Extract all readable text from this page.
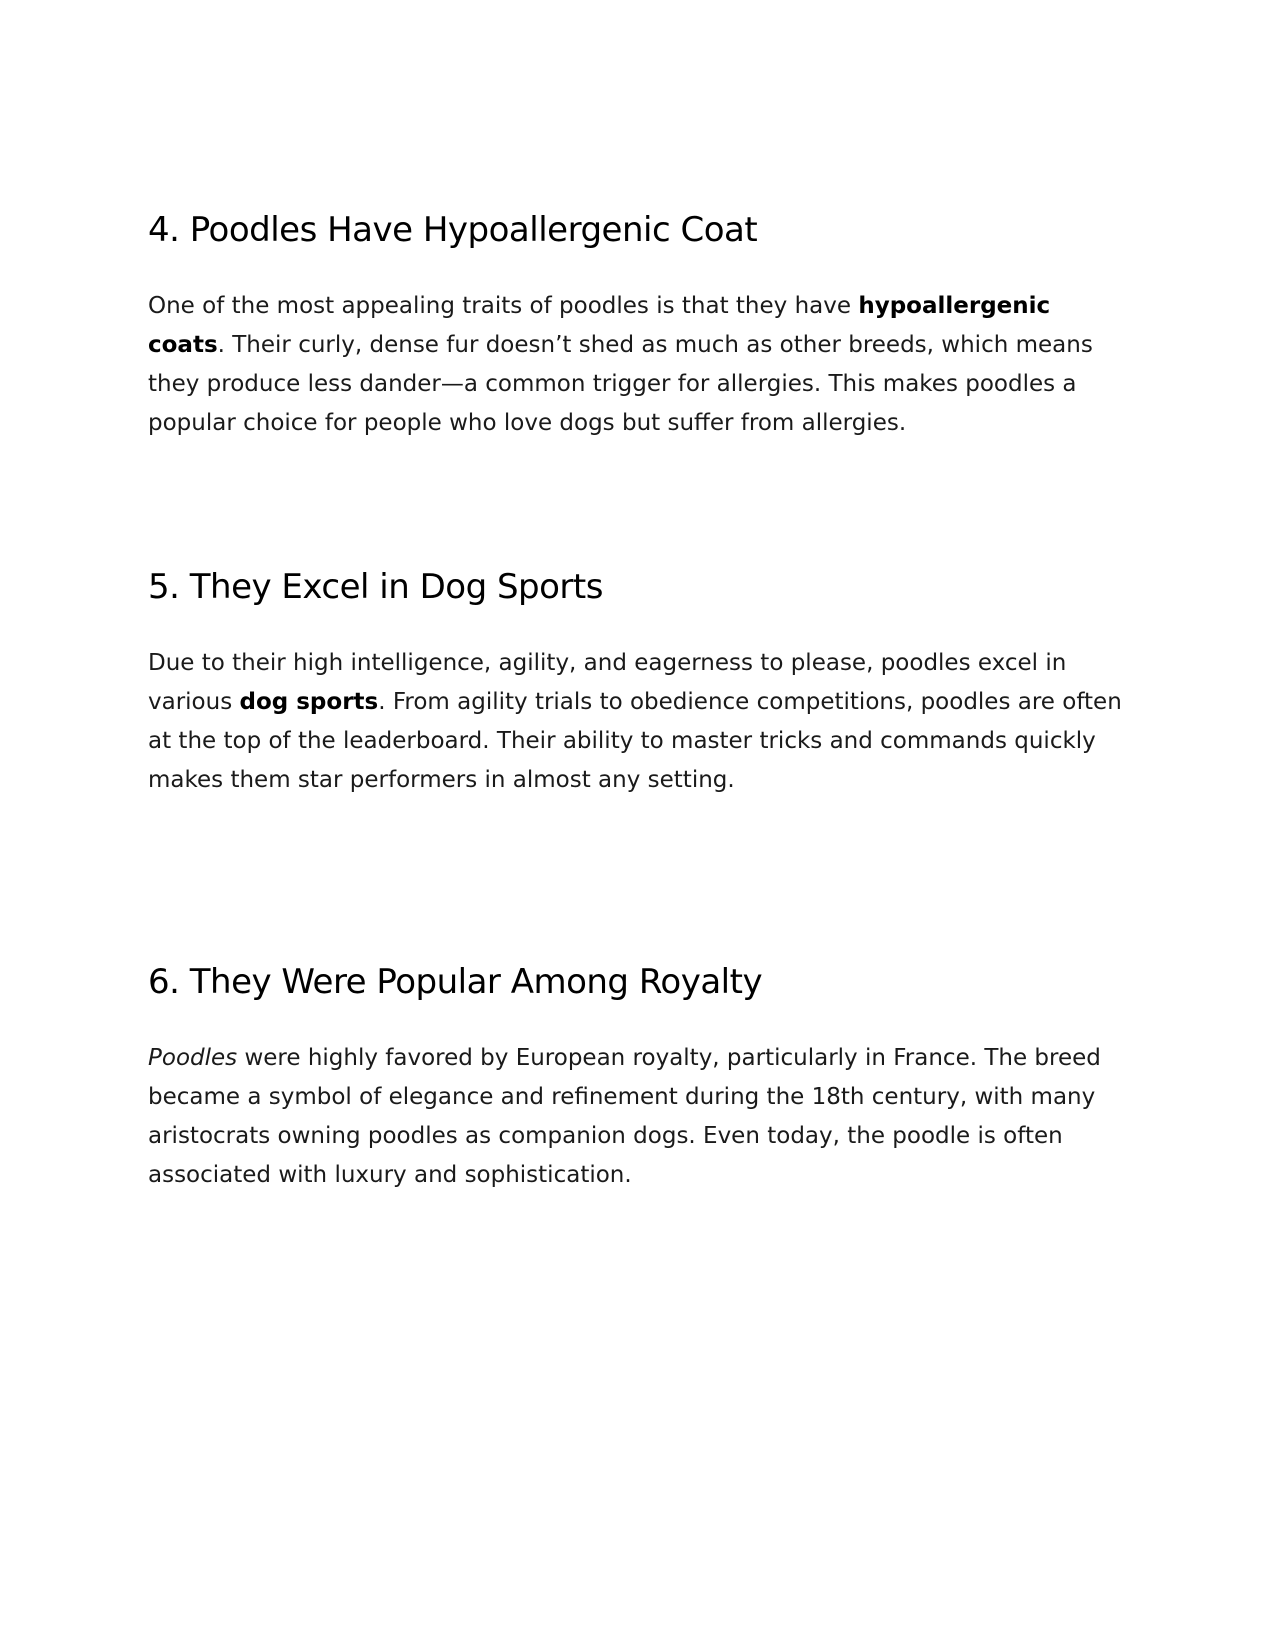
4. Poodles Have Hypoallergenic Coat

One of the most appealing traits of poodles is that they have hypoallergenic coats. Their curly, dense fur doesn’t shed as much as other breeds, which means they produce less dander—a common trigger for allergies. This makes poodles a popular choice for people who love dogs but suffer from allergies.

5. They Excel in Dog Sports

Due to their high intelligence, agility, and eagerness to please, poodles excel in various dog sports. From agility trials to obedience competitions, poodles are often at the top of the leaderboard. Their ability to master tricks and commands quickly makes them star performers in almost any setting.

6. They Were Popular Among Royalty

Poodles were highly favored by European royalty, particularly in France. The breed became a symbol of elegance and refinement during the 18th century, with many aristocrats owning poodles as companion dogs. Even today, the poodle is often associated with luxury and sophistication.
